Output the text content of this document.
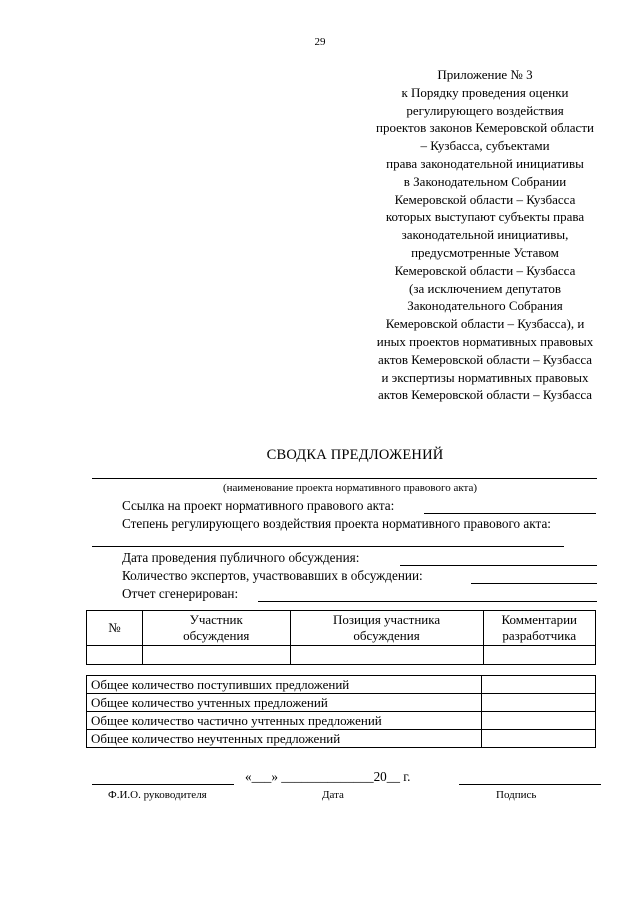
29
Приложение № 3
к Порядку проведения оценки
регулирующего воздействия
проектов законов Кемеровской области
– Кузбасса, субъектами
права законодательной инициативы
в Законодательном Собрании
Кемеровской области – Кузбасса
которых выступают субъекты права
законодательной инициативы,
предусмотренные Уставом
Кемеровской области – Кузбасса
(за исключением депутатов
Законодательного Собрания
Кемеровской области – Кузбасса), и
иных проектов нормативных правовых
актов Кемеровской области – Кузбасса
и экспертизы нормативных правовых
актов Кемеровской области – Кузбасса
СВОДКА ПРЕДЛОЖЕНИЙ
(наименование проекта нормативного правового акта)
Ссылка на проект нормативного правового акта:
Степень регулирующего воздействия проекта нормативного правового акта:
Дата проведения публичного обсуждения:
Количество экспертов, участвовавших в обсуждении:
Отчет сгенерирован:
№	Участник обсуждения	Позиция участника обсуждения	Комментарии разработчика

Общее количество поступивших предложений	
Общее количество учтенных предложений	
Общее количество частично учтенных предложений	
Общее количество неучтенных предложений	
«___» ______________20__ г.
Ф.И.О. руководителя	Дата	Подпись
